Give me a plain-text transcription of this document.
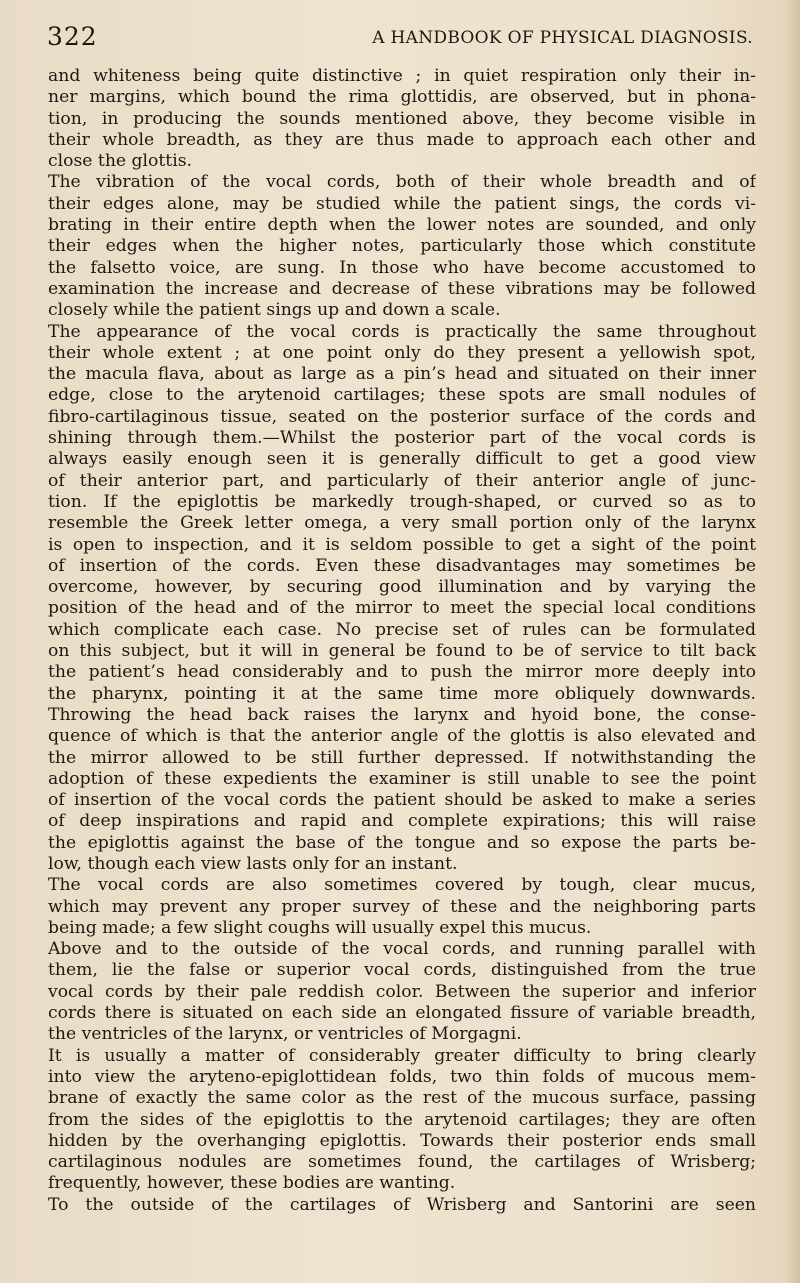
322	A HANDBOOK OF PHYSICAL DIAGNOSIS.
and whiteness being quite distinctive ; in quiet respiration only their in-
ner margins, which bound the rima glottidis, are observed, but in phona-
tion, in producing the sounds mentioned above, they become visible in
their whole breadth, as they are thus made to approach each other and
close the glottis.
The vibration of the vocal cords, both of their whole breadth and of
their edges alone, may be studied while the patient sings, the cords vi-
brating in their entire depth when the lower notes are sounded, and only
their edges when the higher notes, particularly those which constitute
the falsetto voice, are sung. In those who have become accustomed to
examination the increase and decrease of these vibrations may be followed
closely while the patient sings up and down a scale.
The appearance of the vocal cords is practically the same throughout
their whole extent ; at one point only do they present a yellowish spot,
the macula flava, about as large as a pin’s head and situated on their inner
edge, close to the arytenoid cartilages; these spots are small nodules of
fibro-cartilaginous tissue, seated on the posterior surface of the cords and
shining through them.—Whilst the posterior part of the vocal cords is
always easily enough seen it is generally difficult to get a good view
of their anterior part, and particularly of their anterior angle of junc-
tion. If the epiglottis be markedly trough-shaped, or curved so as to
resemble the Greek letter omega, a very small portion only of the larynx
is open to inspection, and it is seldom possible to get a sight of the point
of insertion of the cords. Even these disadvantages may sometimes be
overcome, however, by securing good illumination and by varying the
position of the head and of the mirror to meet the special local conditions
which complicate each case. No precise set of rules can be formulated
on this subject, but it will in general be found to be of service to tilt back
the patient’s head considerably and to push the mirror more deeply into
the pharynx, pointing it at the same time more obliquely downwards.
Throwing the head back raises the larynx and hyoid bone, the conse-
quence of which is that the anterior angle of the glottis is also elevated and
the mirror allowed to be still further depressed. If notwithstanding the
adoption of these expedients the examiner is still unable to see the point
of insertion of the vocal cords the patient should be asked to make a series
of deep inspirations and rapid and complete expirations; this will raise
the epiglottis against the base of the tongue and so expose the parts be-
low, though each view lasts only for an instant.
The vocal cords are also sometimes covered by tough, clear mucus,
which may prevent any proper survey of these and the neighboring parts
being made; a few slight coughs will usually expel this mucus.
Above and to the outside of the vocal cords, and running parallel with
them, lie the false or superior vocal cords, distinguished from the true
vocal cords by their pale reddish color. Between the superior and inferior
cords there is situated on each side an elongated fissure of variable breadth,
the ventricles of the larynx, or ventricles of Morgagni.
It is usually a matter of considerably greater difficulty to bring clearly
into view the aryteno-epiglottidean folds, two thin folds of mucous mem-
brane of exactly the same color as the rest of the mucous surface, passing
from the sides of the epiglottis to the arytenoid cartilages; they are often
hidden by the overhanging epiglottis. Towards their posterior ends small
cartilaginous nodules are sometimes found, the cartilages of Wrisberg;
frequently, however, these bodies are wanting.
To the outside of the cartilages of Wrisberg and Santorini are seen
